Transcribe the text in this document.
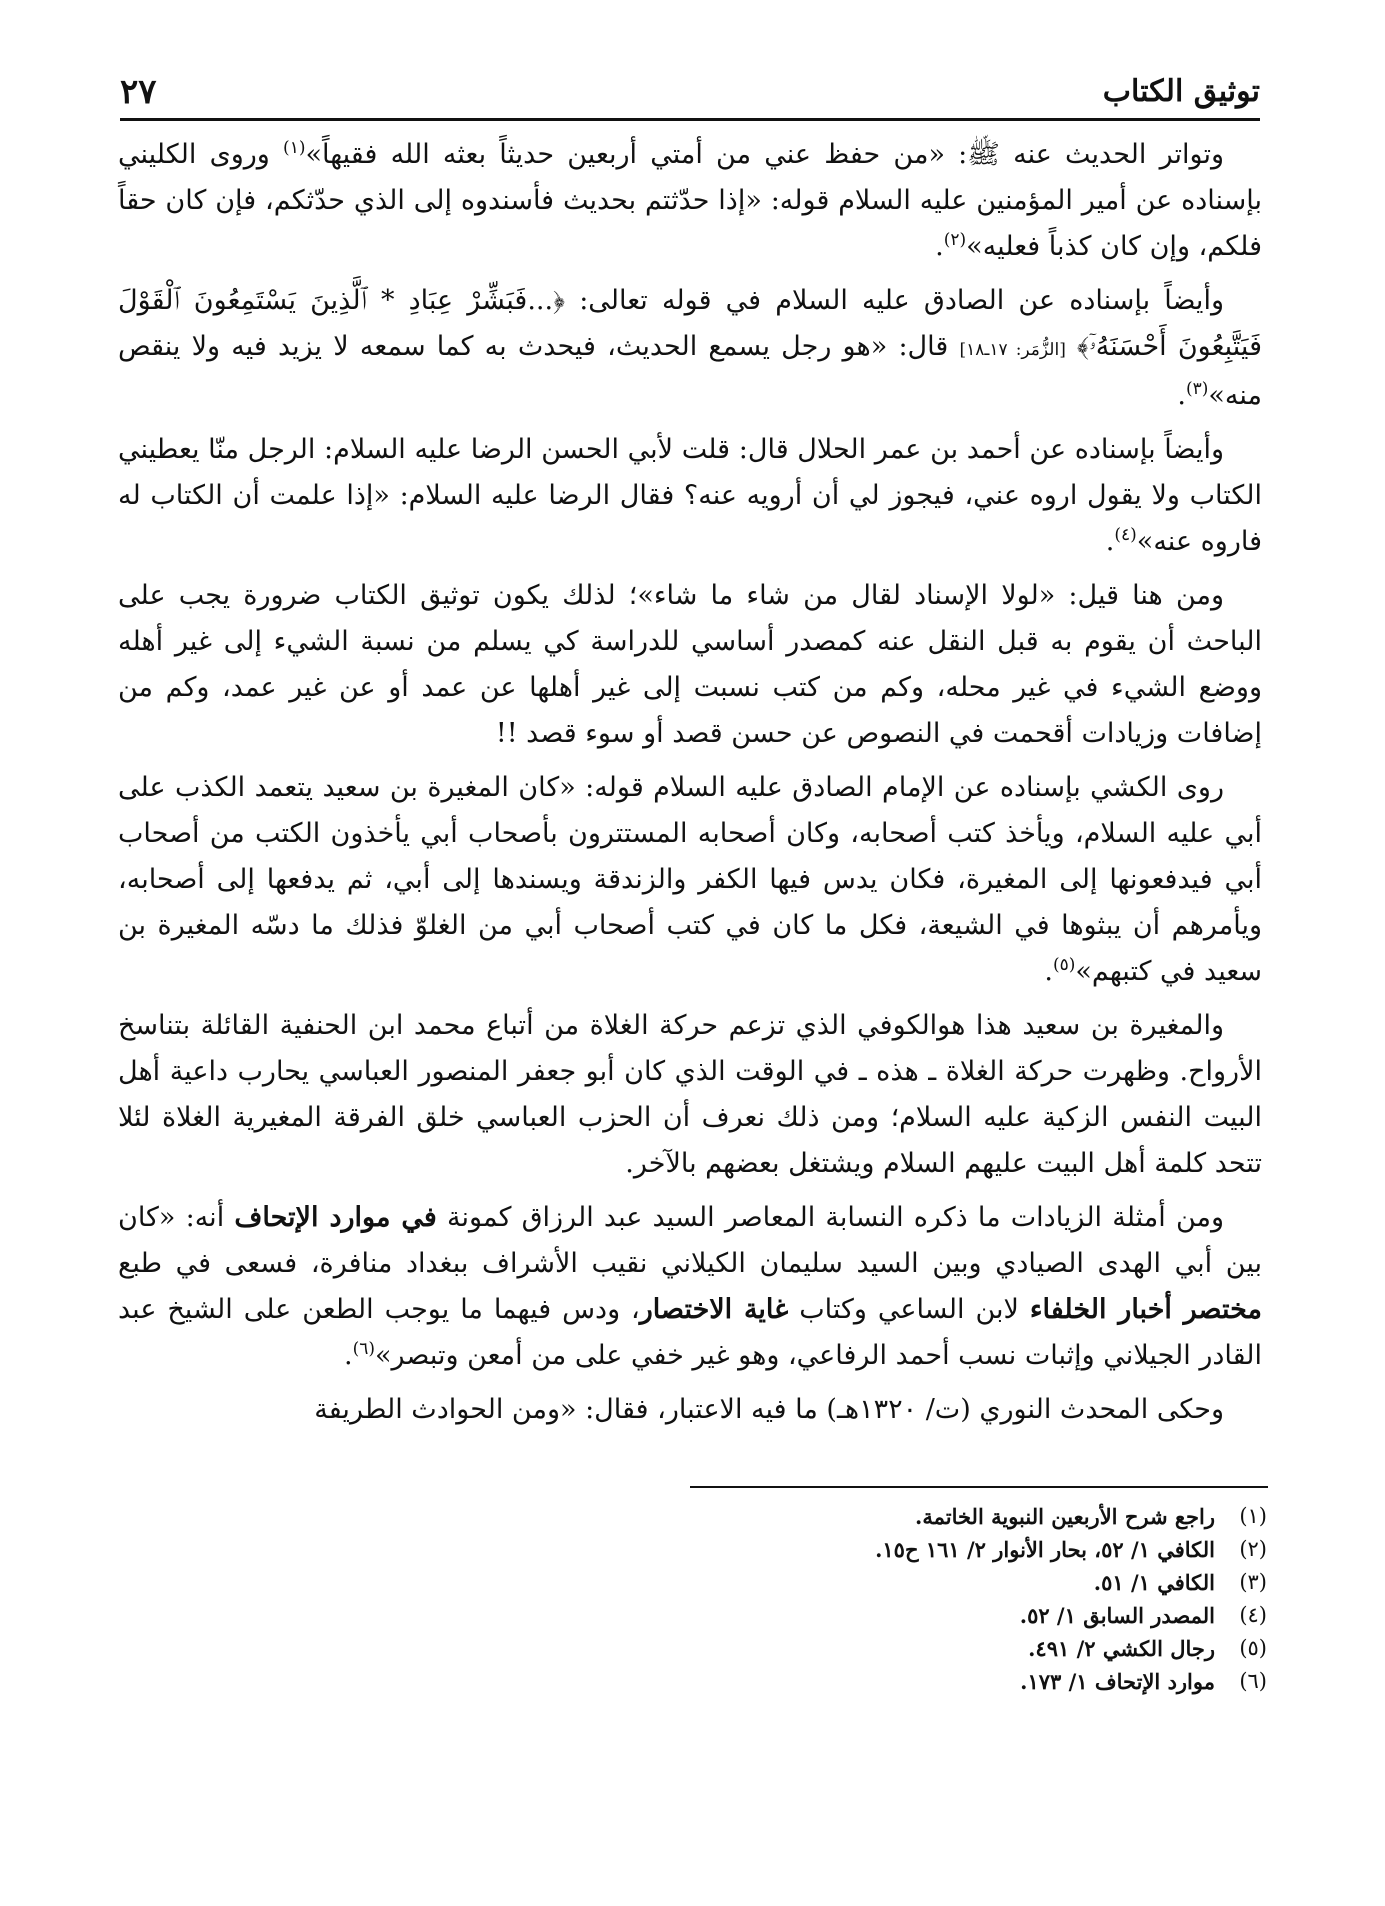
٢٧	توثيق الكتاب

وتواتر الحديث عنه ﷺ: «من حفظ عني من أمتي أربعين حديثاً بعثه الله فقيهاً»$^{(١)}$ وروى الكليني بإسناده عن أمير المؤمنين عليه السلام قوله: «إذا حدّثتم بحديث فأسندوه إلى الذي حدّثكم، فإن كان حقاً فلكم، وإن كان كذباً فعليه»$^{(٢)}$.

وأيضاً بإسناده عن الصادق عليه السلام في قوله تعالى: ﴿...فَبَشِّرْ عِبَادِ * ٱلَّذِينَ يَسْتَمِعُونَ ٱلْقَوْلَ فَيَتَّبِعُونَ أَحْسَنَهُۥٓ﴾ [الزُّمَر: ١٧ـ١٨] قال: «هو رجل يسمع الحديث، فيحدث به كما سمعه لا يزيد فيه ولا ينقص منه»$^{(٣)}$.

وأيضاً بإسناده عن أحمد بن عمر الحلال قال: قلت لأبي الحسن الرضا عليه السلام: الرجل منّا يعطيني الكتاب ولا يقول اروه عني، فيجوز لي أن أرويه عنه؟ فقال الرضا عليه السلام: «إذا علمت أن الكتاب له فاروه عنه»$^{(٤)}$.

ومن هنا قيل: «لولا الإسناد لقال من شاء ما شاء»؛ لذلك يكون توثيق الكتاب ضرورة يجب على الباحث أن يقوم به قبل النقل عنه كمصدر أساسي للدراسة كي يسلم من نسبة الشيء إلى غير أهله ووضع الشيء في غير محله، وكم من كتب نسبت إلى غير أهلها عن عمد أو عن غير عمد، وكم من إضافات وزيادات أقحمت في النصوص عن حسن قصد أو سوء قصد !!

روى الكشي بإسناده عن الإمام الصادق عليه السلام قوله: «كان المغيرة بن سعيد يتعمد الكذب على أبي عليه السلام، ويأخذ كتب أصحابه، وكان أصحابه المستترون بأصحاب أبي يأخذون الكتب من أصحاب أبي فيدفعونها إلى المغيرة، فكان يدس فيها الكفر والزندقة ويسندها إلى أبي، ثم يدفعها إلى أصحابه، ويأمرهم أن يبثوها في الشيعة، فكل ما كان في كتب أصحاب أبي من الغلوّ فذلك ما دسّه المغيرة بن سعيد في كتبهم»$^{(٥)}$.

والمغيرة بن سعيد هذا هوالكوفي الذي تزعم حركة الغلاة من أتباع محمد ابن الحنفية القائلة بتناسخ الأرواح. وظهرت حركة الغلاة ـ هذه ـ في الوقت الذي كان أبو جعفر المنصور العباسي يحارب داعية أهل البيت النفس الزكية عليه السلام؛ ومن ذلك نعرف أن الحزب العباسي خلق الفرقة المغيرية الغلاة لئلا تتحد كلمة أهل البيت عليهم السلام ويشتغل بعضهم بالآخر.

ومن أمثلة الزيادات ما ذكره النسابة المعاصر السيد عبد الرزاق كمونة في موارد الإتحاف أنه: «كان بين أبي الهدى الصيادي وبين السيد سليمان الكيلاني نقيب الأشراف ببغداد منافرة، فسعى في طبع مختصر أخبار الخلفاء لابن الساعي وكتاب غاية الاختصار، ودس فيهما ما يوجب الطعن على الشيخ عبد القادر الجيلاني وإثبات نسب أحمد الرفاعي، وهو غير خفي على من أمعن وتبصر»$^{(٦)}$.

وحكى المحدث النوري (ت/ ١٣٢٠هـ) ما فيه الاعتبار، فقال: «ومن الحوادث الطريفة

(١)
راجع شرح الأربعين النبوية الخاتمة.
(٢)
الكافي ١/ ٥٢، بحار الأنوار ٢/ ١٦١ ح١٥.
(٣)
الكافي ١/ ٥١.
(٤)
المصدر السابق ١/ ٥٢.
(٥)
رجال الكشي ٢/ ٤٩١.
(٦)
موارد الإتحاف ١/ ١٧٣.
